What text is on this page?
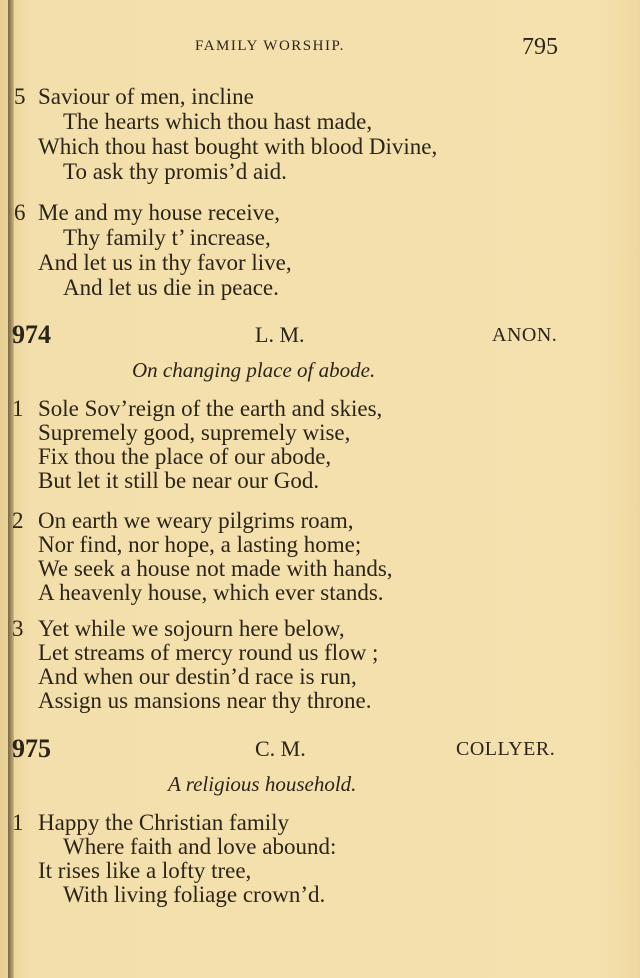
FAMILY WORSHIP.	795
5 Saviour of men, incline
The hearts which thou hast made,
Which thou hast bought with blood Divine,
To ask thy promis’d aid.
6 Me and my house receive,
Thy family t’ increase,
And let us in thy favor live,
And let us die in peace.
974	L. M.	ANON.
On changing place of abode.
1 Sole Sov’reign of the earth and skies,
Supremely good, supremely wise,
Fix thou the place of our abode,
But let it still be near our God.
2 On earth we weary pilgrims roam,
Nor find, nor hope, a lasting home;
We seek a house not made with hands,
A heavenly house, which ever stands.
3 Yet while we sojourn here below,
Let streams of mercy round us flow ;
And when our destin’d race is run,
Assign us mansions near thy throne.
975	C. M.	COLLYER.
A religious household.
1 Happy the Christian family
Where faith and love abound:
It rises like a lofty tree,
With living foliage crown’d.
